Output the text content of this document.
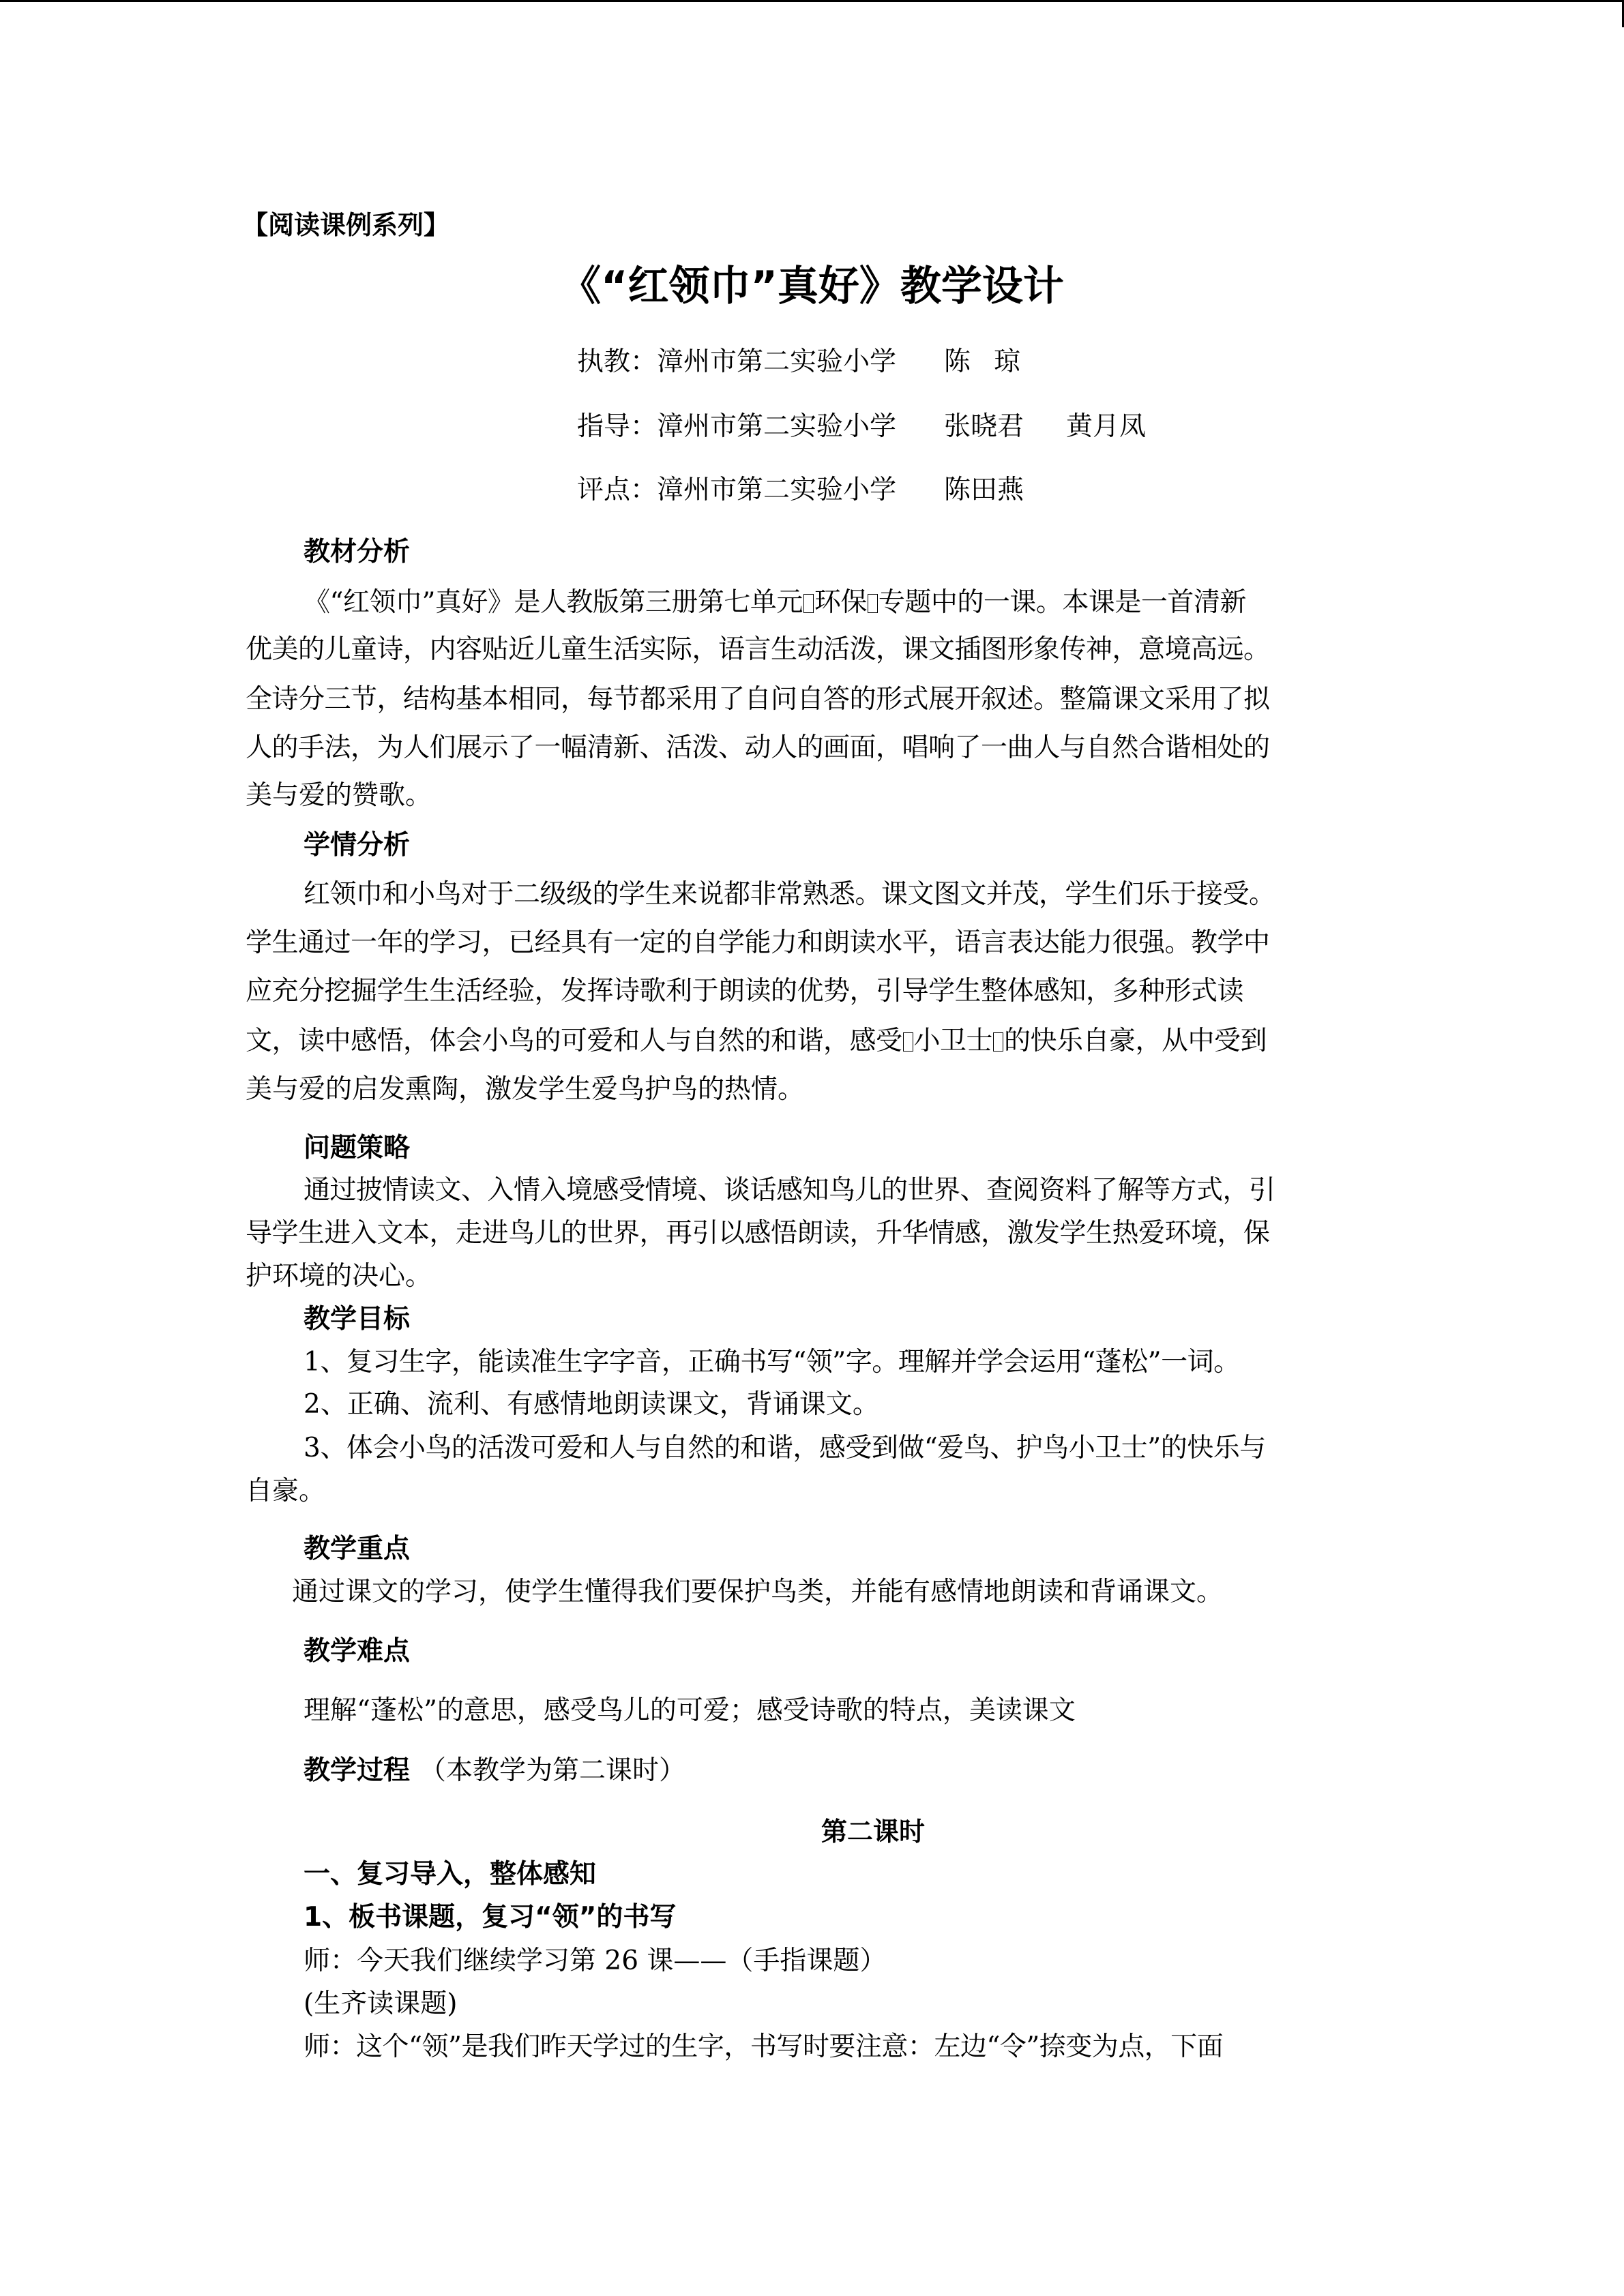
【阅读课例系列】
《“红领巾”真好》教学设计
执教：漳州市第二实验小学 陈琼
指导：漳州市第二实验小学 张晓君 黄月凤
评点：漳州市第二实验小学 陈田燕
教材分析
《“红领巾”真好》是人教版第三册第七单元 环保 专题中的一课。本课是一首清新
优美的儿童诗，内容贴近儿童生活实际，语言生动活泼，课文插图形象传神，意境高远。
全诗分三节，结构基本相同，每节都采用了自问自答的形式展开叙述。整篇课文采用了拟
人的手法，为人们展示了一幅清新、活泼、动人的画面，唱响了一曲人与自然合谐相处的
美与爱的赞歌。
学情分析
红领巾和小鸟对于二级级的学生来说都非常熟悉。课文图文并茂，学生们乐于接受。
学生通过一年的学习，已经具有一定的自学能力和朗读水平，语言表达能力很强。教学中
应充分挖掘学生生活经验，发挥诗歌利于朗读的优势，引导学生整体感知，多种形式读
文，读中感悟，体会小鸟的可爱和人与自然的和谐，感受 小卫士 的快乐自豪，从中受到
美与爱的启发熏陶，激发学生爱鸟护鸟的热情。
问题策略
通过披情读文、入情入境感受情境、谈话感知鸟儿的世界、查阅资料了解等方式，引
导学生进入文本，走进鸟儿的世界，再引以感悟朗读，升华情感，激发学生热爱环境，保
护环境的决心。
教学目标
1、复习生字，能读准生字字音，正确书写“领”字。理解并学会运用“蓬松”一词。
2、正确、流利、有感情地朗读课文，背诵课文。
3、体会小鸟的活泼可爱和人与自然的和谐，感受到做“爱鸟、护鸟小卫士”的快乐与
自豪。
教学重点
通过课文的学习，使学生懂得我们要保护鸟类，并能有感情地朗读和背诵课文。
教学难点
理解“蓬松”的意思，感受鸟儿的可爱；感受诗歌的特点，美读课文
教学过程 （本教学为第二课时）
第二课时
一、复习导入，整体感知
1、板书课题，复习“领”的书写
师：今天我们继续学习第 26 课——（手指课题）
(生齐读课题)
师：这个“领”是我们昨天学过的生字，书写时要注意：左边“令”捺变为点，下面
